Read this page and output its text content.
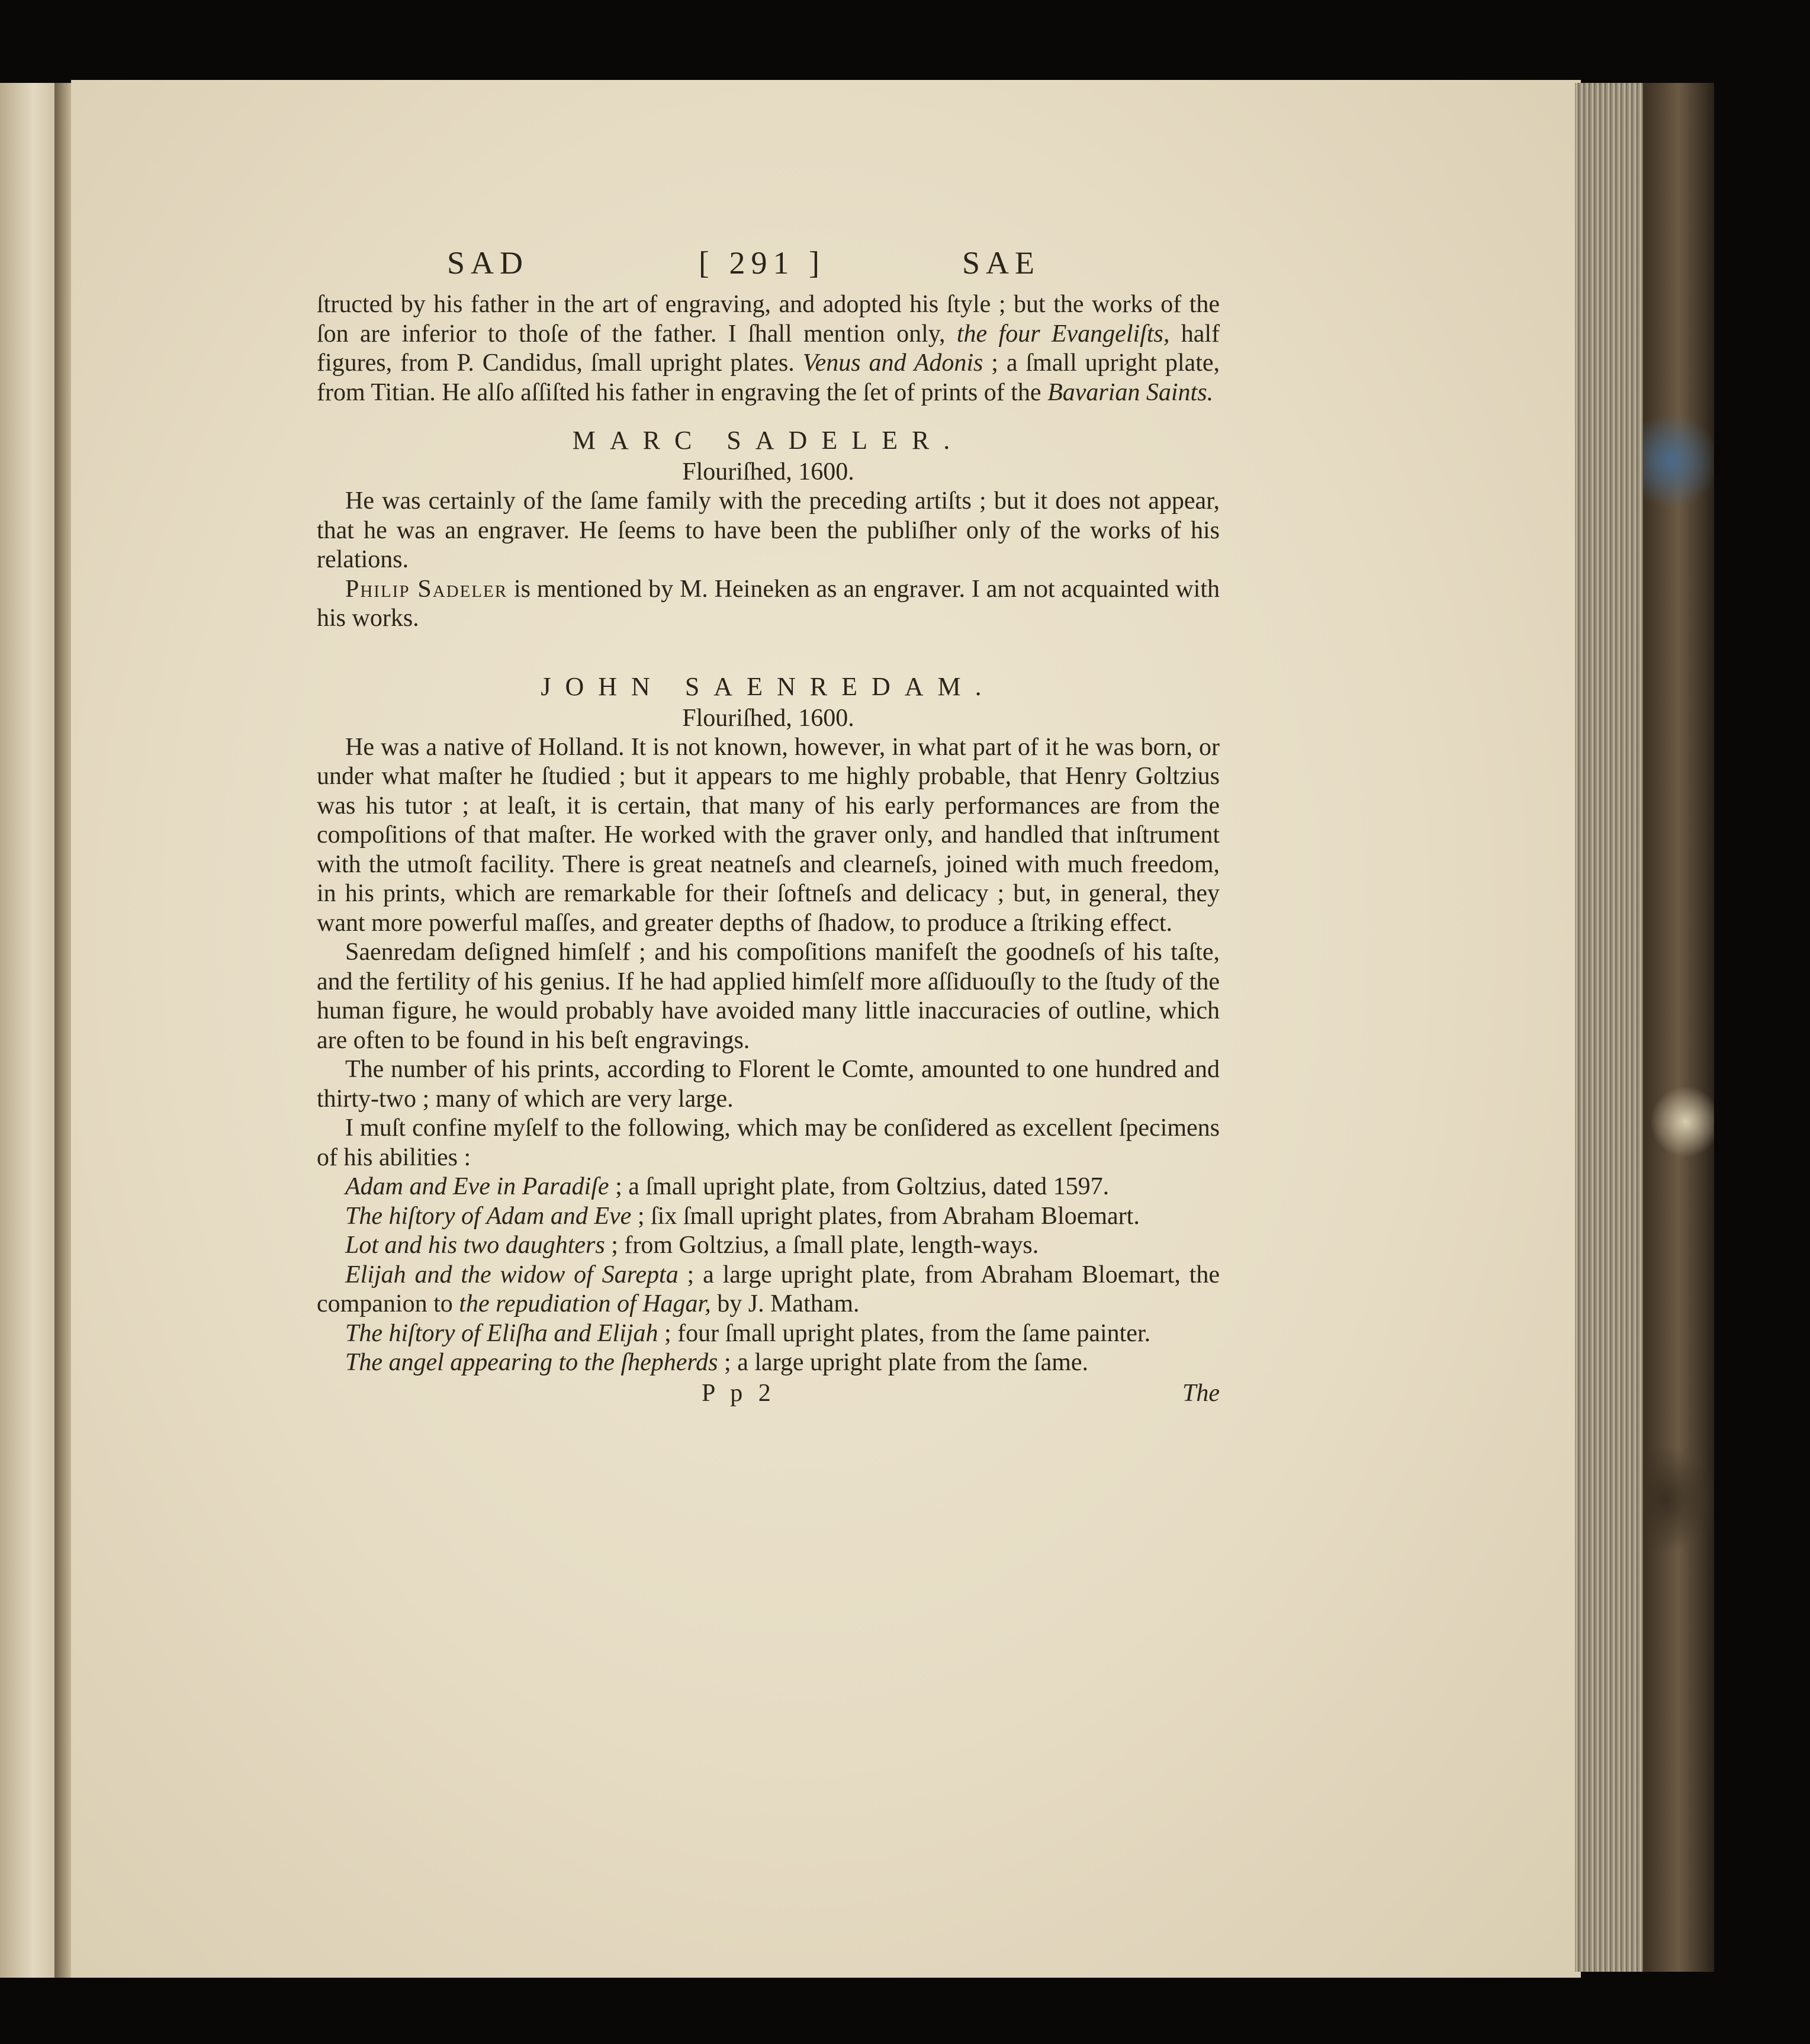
SAD	[ 291 ]	SAE

ſtructed by his father in the art of engraving, and adopted his ſtyle ; but the works of the ſon are inferior to thoſe of the father. I ſhall mention only, the four Evangeliſts, half figures, from P. Candidus, ſmall upright plates. Venus and Adonis ; a ſmall upright plate, from Titian. He alſo aſſiſted his father in engraving the ſet of prints of the Bavarian Saints.

MARC SADELER.
Flouriſhed, 1600.

He was certainly of the ſame family with the preceding artiſts ; but it does not appear, that he was an engraver. He ſeems to have been the publiſher only of the works of his relations.

Philip Sadeler is mentioned by M. Heineken as an engraver. I am not acquainted with his works.

JOHN SAENREDAM.
Flouriſhed, 1600.

He was a native of Holland. It is not known, however, in what part of it he was born, or under what maſter he ſtudied ; but it appears to me highly probable, that Henry Goltzius was his tutor ; at leaſt, it is certain, that many of his early performances are from the compoſitions of that maſter. He worked with the graver only, and handled that inſtrument with the utmoſt facility. There is great neatneſs and clearneſs, joined with much freedom, in his prints, which are remarkable for their ſoftneſs and delicacy ; but, in general, they want more powerful maſſes, and greater depths of ſhadow, to produce a ſtriking effect.

Saenredam deſigned himſelf ; and his compoſitions manifeſt the goodneſs of his taſte, and the fertility of his genius. If he had applied himſelf more aſſiduouſly to the ſtudy of the human figure, he would probably have avoided many little inaccuracies of outline, which are often to be found in his beſt engravings.

The number of his prints, according to Florent le Comte, amounted to one hundred and thirty-two ; many of which are very large.

I muſt confine myſelf to the following, which may be conſidered as excellent ſpecimens of his abilities :

Adam and Eve in Paradiſe ; a ſmall upright plate, from Goltzius, dated 1597.

The hiſtory of Adam and Eve ; ſix ſmall upright plates, from Abraham Bloemart.

Lot and his two daughters ; from Goltzius, a ſmall plate, length-ways.

Elijah and the widow of Sarepta ; a large upright plate, from Abraham Bloemart, the companion to the repudiation of Hagar, by J. Matham.

The hiſtory of Eliſha and Elijah ; four ſmall upright plates, from the ſame painter.

The angel appearing to the ſhepherds ; a large upright plate from the ſame.

P p 2	The
